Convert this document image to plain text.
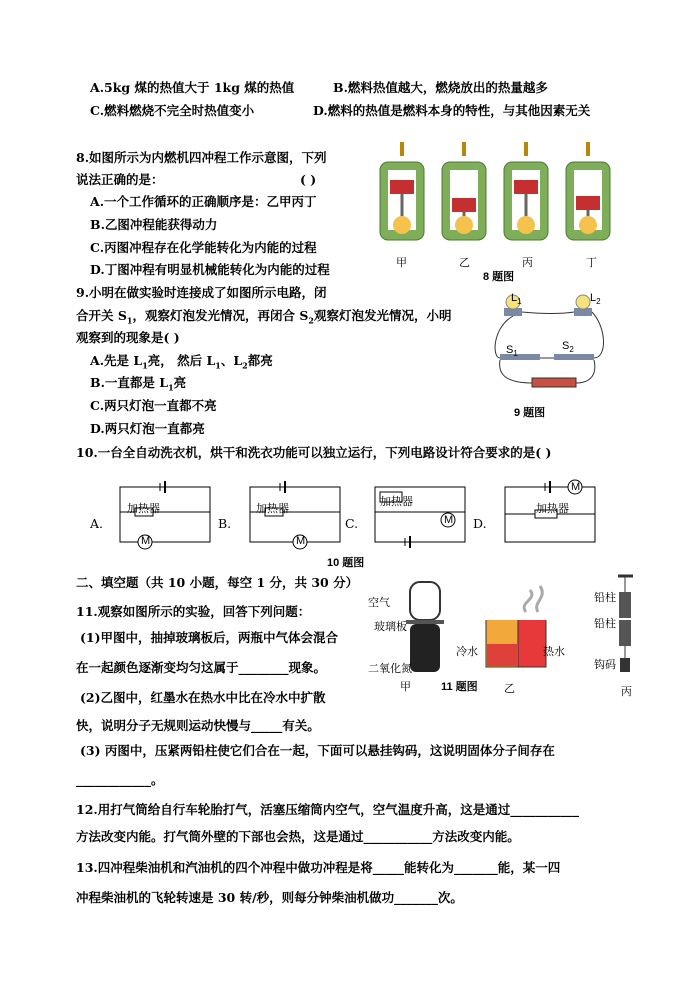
A.5kg 煤的热值大于 1kg 煤的热值	B.燃料热值越大，燃烧放出的热量越多
C.燃料燃烧不完全时热值变小	D.燃料的热值是燃料本身的特性，与其他因素无关
8.如图所示为内燃机四冲程工作示意图，下列
说法正确的是：	( )
A.一个工作循环的正确顺序是：乙甲丙丁
B.乙图冲程能获得动力
C.丙图冲程存在化学能转化为内能的过程
D.丁图冲程有明显机械能转化为内能的过程	甲	乙	丙	丁
8 题图
9.小明在做实验时连接成了如图所示电路，闭
合开关 $S_1$，观察灯泡发光情况，再闭合 $S_2$观察灯泡发光情况，小明
观察到的现象是( )
A.先是 $L_1$亮， 然后 $L_1$、$L_2$都亮
B.一直都是 $L_1$亮
C.两只灯泡一直都不亮
D.两只灯泡一直都亮
$L_1$	$L_2$
$S_1$
$S_2$
9 题图
10.一台全自动洗衣机，烘干和洗衣功能可以独立运行，下列电路设计符合要求的是( )
A.
加热器
M
B.
加热器
M
C.
加热器
M D.
加热器
M
10 题图
二、填空题（共 10 小题，每空 1 分，共 30 分）
11.观察如图所示的实验，回答下列问题：
(1)甲图中，抽掉玻璃板后，两瓶中气体会混合
在一起颜色逐渐变均匀这属于________现象。
(2)乙图中，红墨水在热水中比在冷水中扩散
快，说明分子无规则运动快慢与_____有关。
(3) 丙图中，压紧两铅柱使它们合在一起，下面可以悬挂钩码，这说明固体分子间存在
____________。
空气
玻璃板
二氧化氮
甲
冷水	热水
11 题图 乙
铅柱
铅柱
钩码
丙
12.用打气筒给自行车轮胎打气，活塞压缩筒内空气，空气温度升高，这是通过___________
方法改变内能。打气筒外壁的下部也会热，这是通过___________方法改变内能。
13.四冲程柴油机和汽油机的四个冲程中做功冲程是将_____能转化为_______能，某一四
冲程柴油机的飞轮转速是 30 转/秒，则每分钟柴油机做功_______次。
